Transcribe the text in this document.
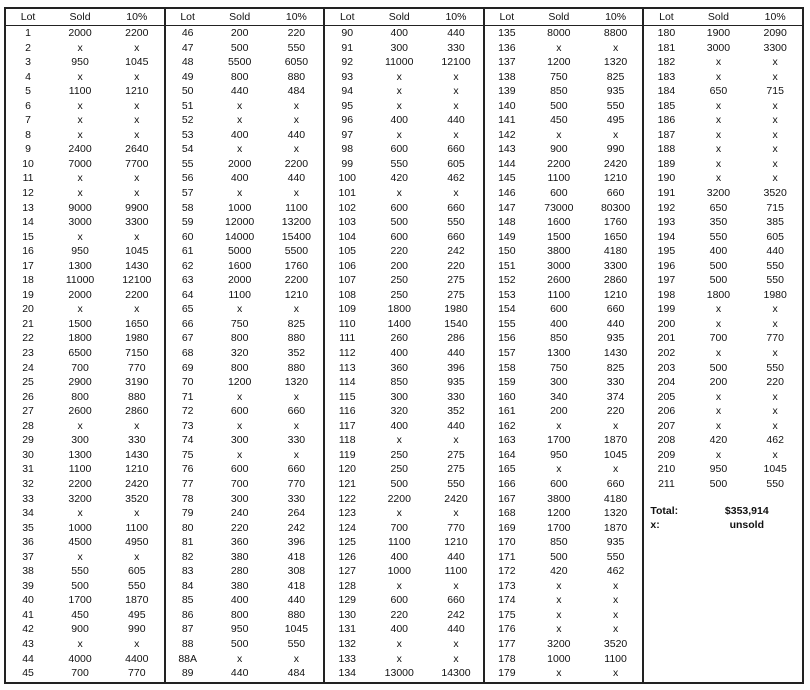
Lot	Sold	10%
1	2000	2200
2	x	x
3	950	1045
4	x	x
5	1100	1210
6	x	x
7	x	x
8	x	x
9	2400	2640
10	7000	7700
11	x	x
12	x	x
13	9000	9900
14	3000	3300
15	x	x
16	950	1045
17	1300	1430
18	11000	12100
19	2000	2200
20	x	x
21	1500	1650
22	1800	1980
23	6500	7150
24	700	770
25	2900	3190
26	800	880
27	2600	2860
28	x	x
29	300	330
30	1300	1430
31	1100	1210
32	2200	2420
33	3200	3520
34	x	x
35	1000	1100
36	4500	4950
37	x	x
38	550	605
39	500	550
40	1700	1870
41	450	495
42	900	990
43	x	x
44	4000	4400
45	700	770
Lot	Sold	10%
46	200	220
47	500	550
48	5500	6050
49	800	880
50	440	484
51	x	x
52	x	x
53	400	440
54	x	x
55	2000	2200
56	400	440
57	x	x
58	1000	1100
59	12000	13200
60	14000	15400
61	5000	5500
62	1600	1760
63	2000	2200
64	1100	1210
65	x	x
66	750	825
67	800	880
68	320	352
69	800	880
70	1200	1320
71	x	x
72	600	660
73	x	x
74	300	330
75	x	x
76	600	660
77	700	770
78	300	330
79	240	264
80	220	242
81	360	396
82	380	418
83	280	308
84	380	418
85	400	440
86	800	880
87	950	1045
88	500	550
88A	x	x
89	440	484
Lot	Sold	10%
90	400	440
91	300	330
92	11000	12100
93	x	x
94	x	x
95	x	x
96	400	440
97	x	x
98	600	660
99	550	605
100	420	462
101	x	x
102	600	660
103	500	550
104	600	660
105	220	242
106	200	220
107	250	275
108	250	275
109	1800	1980
110	1400	1540
111	260	286
112	400	440
113	360	396
114	850	935
115	300	330
116	320	352
117	400	440
118	x	x
119	250	275
120	250	275
121	500	550
122	2200	2420
123	x	x
124	700	770
125	1100	1210
126	400	440
127	1000	1100
128	x	x
129	600	660
130	220	242
131	400	440
132	x	x
133	x	x
134	13000	14300
Lot	Sold	10%
135	8000	8800
136	x	x
137	1200	1320
138	750	825
139	850	935
140	500	550
141	450	495
142	x	x
143	900	990
144	2200	2420
145	1100	1210
146	600	660
147	73000	80300
148	1600	1760
149	1500	1650
150	3800	4180
151	3000	3300
152	2600	2860
153	1100	1210
154	600	660
155	400	440
156	850	935
157	1300	1430
158	750	825
159	300	330
160	340	374
161	200	220
162	x	x
163	1700	1870
164	950	1045
165	x	x
166	600	660
167	3800	4180
168	1200	1320
169	1700	1870
170	850	935
171	500	550
172	420	462
173	x	x
174	x	x
175	x	x
176	x	x
177	3200	3520
178	1000	1100
179	x	x
Lot	Sold	10%
180	1900	2090
181	3000	3300
182	x	x
183	x	x
184	650	715
185	x	x
186	x	x
187	x	x
188	x	x
189	x	x
190	x	x
191	3200	3520
192	650	715
193	350	385
194	550	605
195	400	440
196	500	550
197	500	550
198	1800	1980
199	x	x
200	x	x
201	700	770
202	x	x
203	500	550
204	200	220
205	x	x
206	x	x
207	x	x
208	420	462
209	x	x
210	950	1045
211	500	550
Total:	$353,914
x:	unsold
